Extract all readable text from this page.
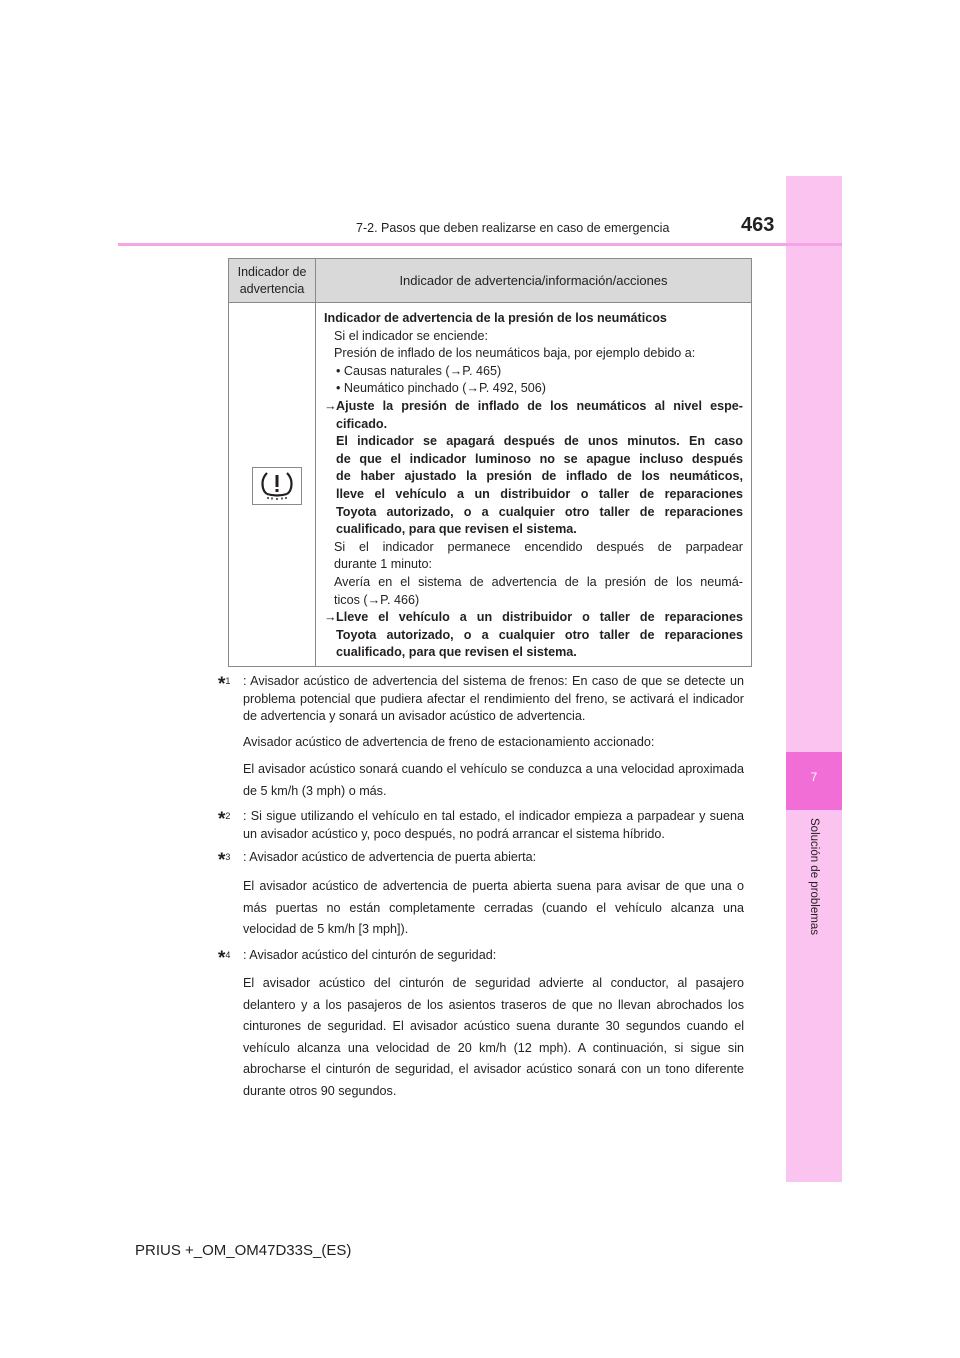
7
Solución de problemas
7-2. Pasos que deben realizarse en caso de emergencia	463
Indicador de advertencia
Indicador de advertencia/información/acciones
Indicador de advertencia de la presión de los neumáticos
Si el indicador se enciende:
Presión de inflado de los neumáticos baja, por ejemplo debido a:
• Causas naturales (→P. 465)
• Neumático pinchado (→P. 492, 506)
→ Ajuste la presión de inflado de los neumáticos al nivel espe-
cificado.
El indicador se apagará después de unos minutos. En caso
de que el indicador luminoso no se apague incluso después
de haber ajustado la presión de inflado de los neumáticos,
lleve el vehículo a un distribuidor o taller de reparaciones
Toyota autorizado, o a cualquier otro taller de reparaciones
cualificado, para que revisen el sistema.
Si el indicador permanece encendido después de parpadear
durante 1 minuto:
Avería en el sistema de advertencia de la presión de los neumá-
ticos (→P. 466)
→ Lleve el vehículo a un distribuidor o taller de reparaciones
Toyota autorizado, o a cualquier otro taller de reparaciones
cualificado, para que revisen el sistema.
*$^1$ : Avisador acústico de advertencia del sistema de frenos: En caso de que se detecte un problema potencial que pudiera afectar el rendimiento del freno, se activará el indicador de advertencia y sonará un avisador acústico de advertencia.
Avisador acústico de advertencia de freno de estacionamiento accionado:
El avisador acústico sonará cuando el vehículo se conduzca a una velocidad aproximada de 5 km/h (3 mph) o más.
*$^2$ : Si sigue utilizando el vehículo en tal estado, el indicador empieza a parpadear y suena un avisador acústico y, poco después, no podrá arrancar el sistema híbrido.
*$^3$ : Avisador acústico de advertencia de puerta abierta:
El avisador acústico de advertencia de puerta abierta suena para avisar de que una o más puertas no están completamente cerradas (cuando el vehículo alcanza una velocidad de 5 km/h [3 mph]).
*$^4$ : Avisador acústico del cinturón de seguridad:
El avisador acústico del cinturón de seguridad advierte al conductor, al pasajero delantero y a los pasajeros de los asientos traseros de que no llevan abrochados los cinturones de seguridad. El avisador acústico suena durante 30 segundos cuando el vehículo alcanza una velocidad de 20 km/h (12 mph). A continuación, si sigue sin abrocharse el cinturón de seguridad, el avisador acústico sonará con un tono diferente durante otros 90 segundos.
PRIUS +_OM_OM47D33S_(ES)
